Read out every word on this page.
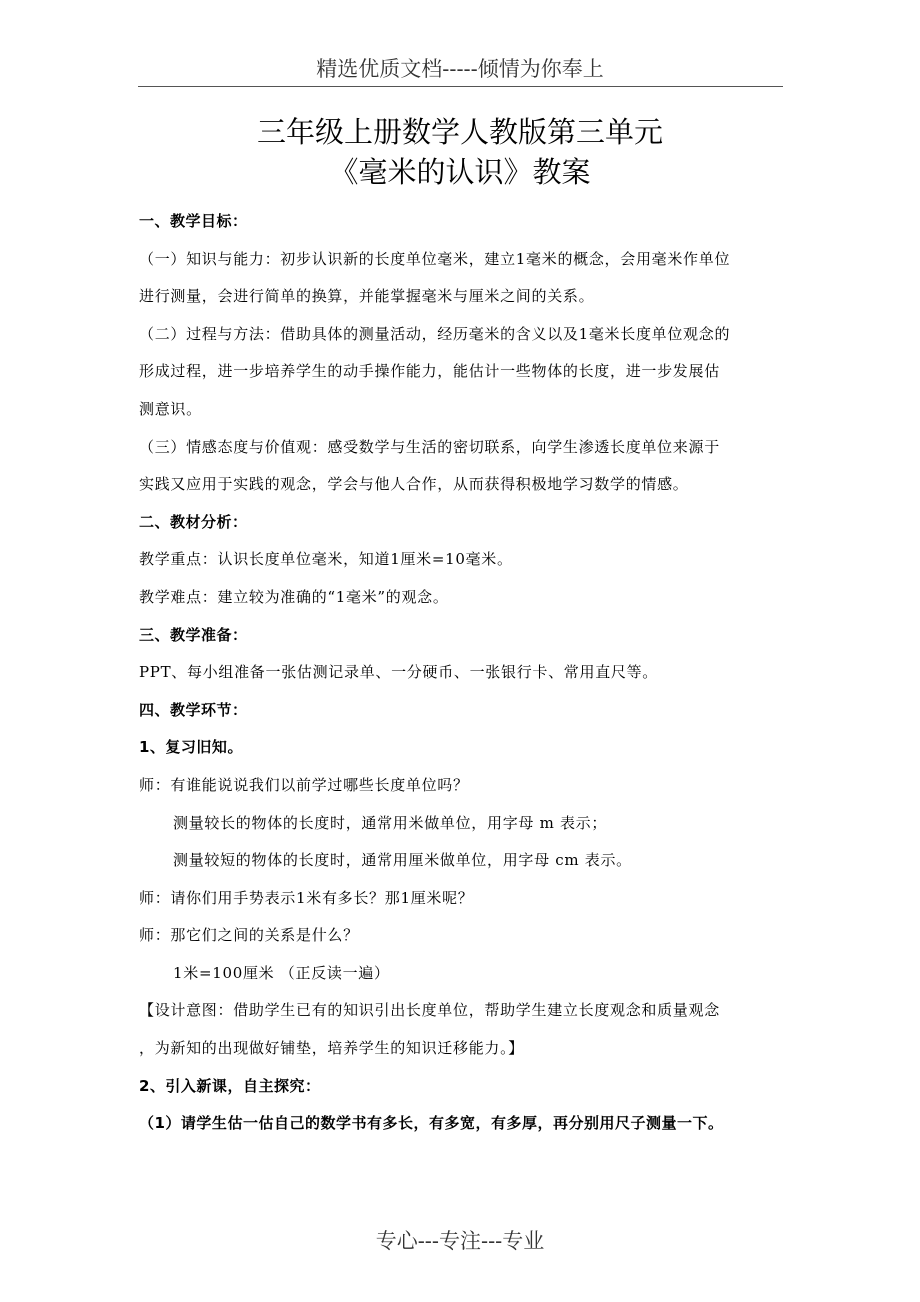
精选优质文档-----倾情为你奉上
三年级上册数学人教版第三单元
《毫米的认识》教案
一、教学目标：
（一）知识与能力：初步认识新的长度单位毫米，建立1毫米的概念，会用毫米作单位
进行测量，会进行简单的换算，并能掌握毫米与厘米之间的关系。
（二）过程与方法：借助具体的测量活动，经历毫米的含义以及1毫米长度单位观念的
形成过程，进一步培养学生的动手操作能力，能估计一些物体的长度，进一步发展估
测意识。
（三）情感态度与价值观：感受数学与生活的密切联系，向学生渗透长度单位来源于
实践又应用于实践的观念，学会与他人合作，从而获得积极地学习数学的情感。
二、教材分析：
教学重点：认识长度单位毫米，知道1厘米=10毫米。
教学难点：建立较为准确的“1毫米”的观念。
三、教学准备：
PPT、每小组准备一张估测记录单、一分硬币、一张银行卡、常用直尺等。
四、教学环节：
1、复习旧知。
师：有谁能说说我们以前学过哪些长度单位吗？
测量较长的物体的长度时，通常用米做单位，用字母 m 表示；
测量较短的物体的长度时，通常用厘米做单位，用字母 cm 表示。
师：请你们用手势表示1米有多长？那1厘米呢？
师：那它们之间的关系是什么？
1米=100厘米 （正反读一遍）
【设计意图：借助学生已有的知识引出长度单位，帮助学生建立长度观念和质量观念
，为新知的出现做好铺垫，培养学生的知识迁移能力。】
2、引入新课，自主探究：
（1）请学生估一估自己的数学书有多长，有多宽，有多厚，再分别用尺子测量一下。
专心---专注---专业
